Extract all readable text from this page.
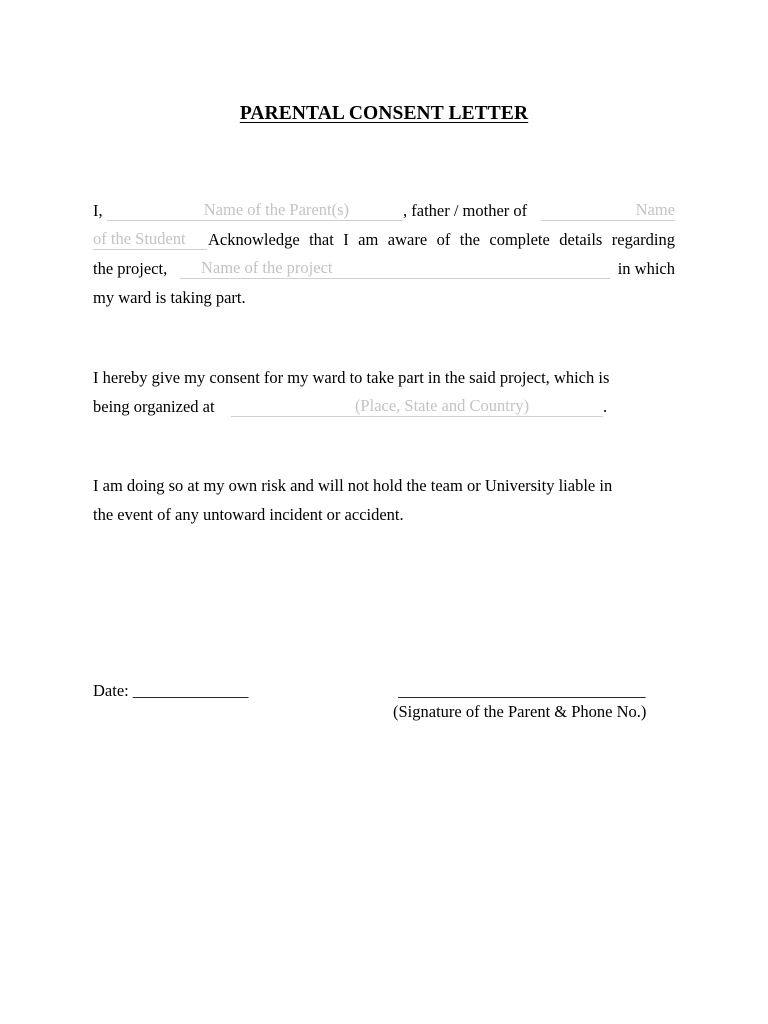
PARENTAL CONSENT LETTER
I,	Name of the Parent(s)	, father / mother of	Name
of the Student	Acknowledge that I am aware of the complete details regarding
the project,	Name of the project	in which
my ward is taking part.
I hereby give my consent for my ward to take part in the said project, which is
being organized at	(Place, State and Country)	.
I am doing so at my own risk and will not hold the team or University liable in
the event of any untoward incident or accident.
Date: ______________	______________________________
(Signature of the Parent & Phone No.)
